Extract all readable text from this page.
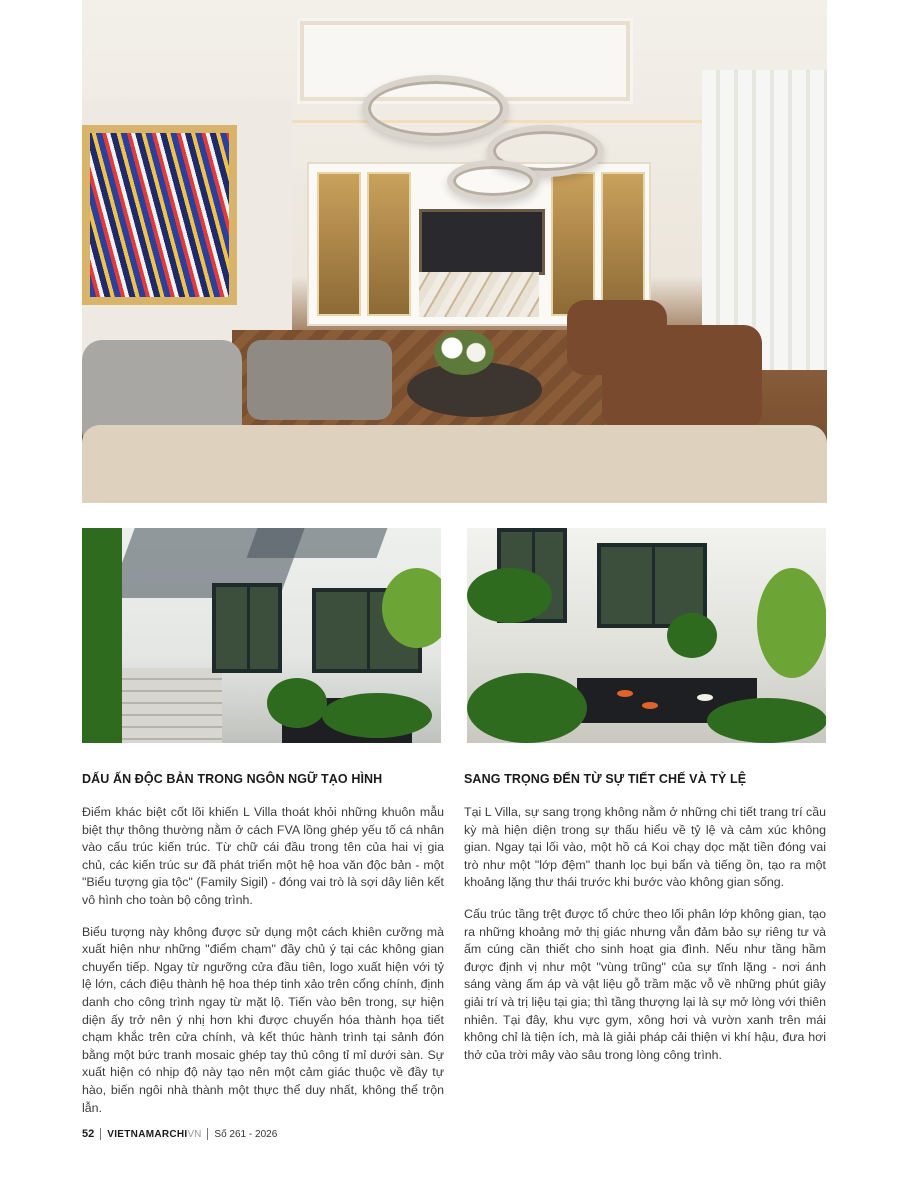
DẤU ẤN ĐỘC BẢN TRONG NGÔN NGỮ TẠO HÌNH

Điểm khác biệt cốt lõi khiến L Villa thoát khỏi những khuôn mẫu biệt thự thông thường nằm ở cách FVA lồng ghép yếu tố cá nhân vào cấu trúc kiến trúc. Từ chữ cái đầu trong tên của hai vị gia chủ, các kiến trúc sư đã phát triển một hệ hoa văn độc bản - một "Biểu tượng gia tộc" (Family Sigil) - đóng vai trò là sợi dây liên kết vô hình cho toàn bộ công trình.

Biểu tượng này không được sử dụng một cách khiên cưỡng mà xuất hiện như những "điểm chạm" đầy chủ ý tại các không gian chuyển tiếp. Ngay từ ngưỡng cửa đầu tiên, logo xuất hiện với tỷ lệ lớn, cách điệu thành hệ hoa thép tinh xảo trên cổng chính, định danh cho công trình ngay từ mặt lộ. Tiến vào bên trong, sự hiện diện ấy trở nên ý nhị hơn khi được chuyển hóa thành họa tiết chạm khắc trên cửa chính, và kết thúc hành trình tại sảnh đón bằng một bức tranh mosaic ghép tay thủ công tỉ mỉ dưới sàn. Sự xuất hiện có nhịp độ này tạo nên một cảm giác thuộc về đầy tự hào, biến ngôi nhà thành một thực thể duy nhất, không thể trộn lẫn.

SANG TRỌNG ĐẾN TỪ SỰ TIẾT CHẾ VÀ TỶ LỆ

Tại L Villa, sự sang trọng không nằm ở những chi tiết trang trí cầu kỳ mà hiện diện trong sự thấu hiểu về tỷ lệ và cảm xúc không gian. Ngay tại lối vào, một hồ cá Koi chạy dọc mặt tiền đóng vai trò như một "lớp đệm" thanh lọc bụi bẩn và tiếng ồn, tạo ra một khoảng lặng thư thái trước khi bước vào không gian sống.

Cấu trúc tầng trệt được tổ chức theo lối phân lớp không gian, tạo ra những khoảng mở thị giác nhưng vẫn đảm bảo sự riêng tư và ấm cúng cần thiết cho sinh hoạt gia đình. Nếu như tầng hầm được định vị như một "vùng trũng" của sự tĩnh lặng - nơi ánh sáng vàng ấm áp và vật liệu gỗ trầm mặc vỗ về những phút giây giải trí và trị liệu tại gia; thì tầng thượng lại là sự mở lòng với thiên nhiên. Tại đây, khu vực gym, xông hơi và vườn xanh trên mái không chỉ là tiện ích, mà là giải pháp cải thiện vi khí hậu, đưa hơi thở của trời mây vào sâu trong lòng công trình.

52 VIETNAMARCHI VN Số 261 - 2026
